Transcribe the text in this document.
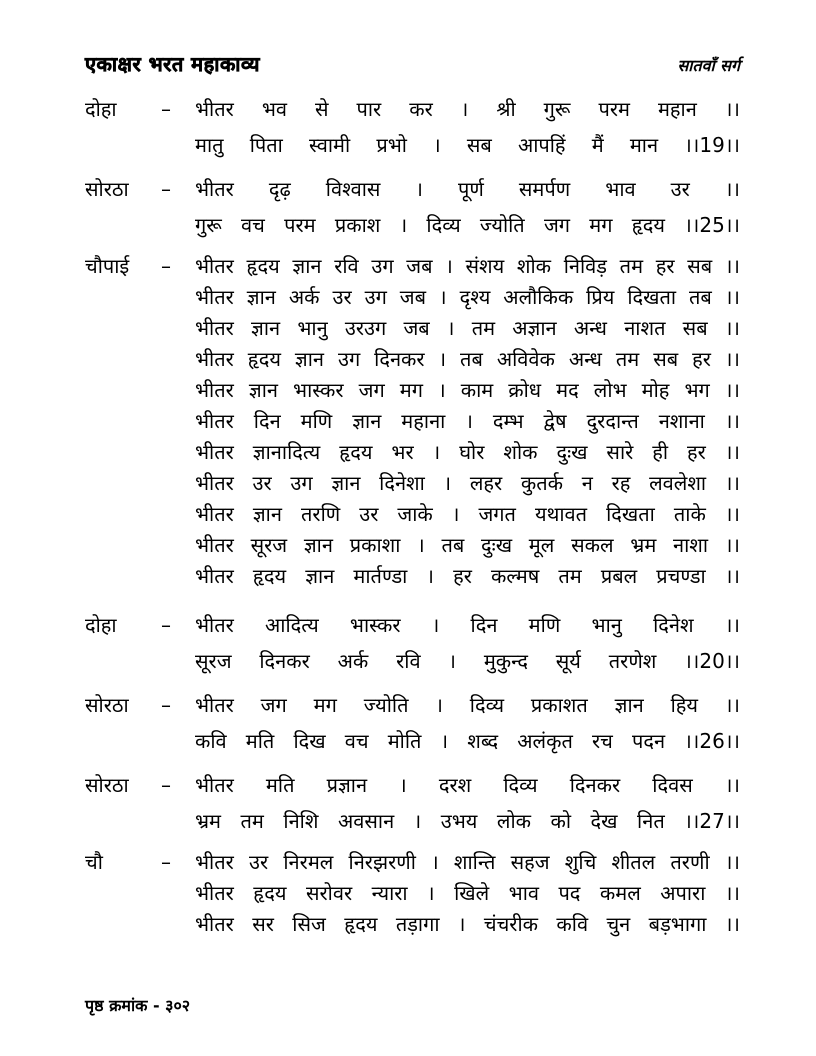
एकाक्षर भरत महाकाव्य	सातवाँ सर्ग
दोहा	–	भीतर भव से पार कर । श्री गुरू परम महान ।।
मातु पिता स्वामी प्रभो । सब आपहिं मैं मान ।।19।।
सोरठा	–	भीतर दृढ़ विश्वास । पूर्ण समर्पण भाव उर ।।
गुरू वच परम प्रकाश । दिव्य ज्योति जग मग हृदय ।।25।।
चौपाई	–	भीतर हृदय ज्ञान रवि उग जब । संशय शोक निविड़ तम हर सब ।।
भीतर ज्ञान अर्क उर उग जब । दृश्य अलौकिक प्रिय दिखता तब ।।
भीतर ज्ञान भानु उरउग जब । तम अज्ञान अन्ध नाशत सब ।।
भीतर हृदय ज्ञान उग दिनकर । तब अविवेक अन्ध तम सब हर ।।
भीतर ज्ञान भास्कर जग मग । काम क्रोध मद लोभ मोह भग ।।
भीतर दिन मणि ज्ञान महाना । दम्भ द्वेष दुरदान्त नशाना ।।
भीतर ज्ञानादित्य हृदय भर । घोर शोक दुःख सारे ही हर ।।
भीतर उर उग ज्ञान दिनेशा । लहर कुतर्क न रह लवलेशा ।।
भीतर ज्ञान तरणि उर जाके । जगत यथावत दिखता ताके ।।
भीतर सूरज ज्ञान प्रकाशा । तब दुःख मूल सकल भ्रम नाशा ।।
भीतर हृदय ज्ञान मार्तण्डा । हर कल्मष तम प्रबल प्रचण्डा ।।
दोहा	–	भीतर आदित्य भास्कर । दिन मणि भानु दिनेश ।।
सूरज दिनकर अर्क रवि । मुकुन्द सूर्य तरणेश ।।20।।
सोरठा	–	भीतर जग मग ज्योति । दिव्य प्रकाशत ज्ञान हिय ।।
कवि मति दिख वच मोति । शब्द अलंकृत रच पदन ।।26।।
सोरठा	–	भीतर मति प्रज्ञान । दरश दिव्य दिनकर दिवस ।।
भ्रम तम निशि अवसान । उभय लोक को देख नित ।।27।।
चौ	–	भीतर उर निरमल निरझरणी । शान्ति सहज शुचि शीतल तरणी ।।
भीतर हृदय सरोवर न्यारा । खिले भाव पद कमल अपारा ।।
भीतर सर सिज हृदय तड़ागा । चंचरीक कवि चुन बड़भागा ।।
पृष्ठ क्रमांक - ३०२
